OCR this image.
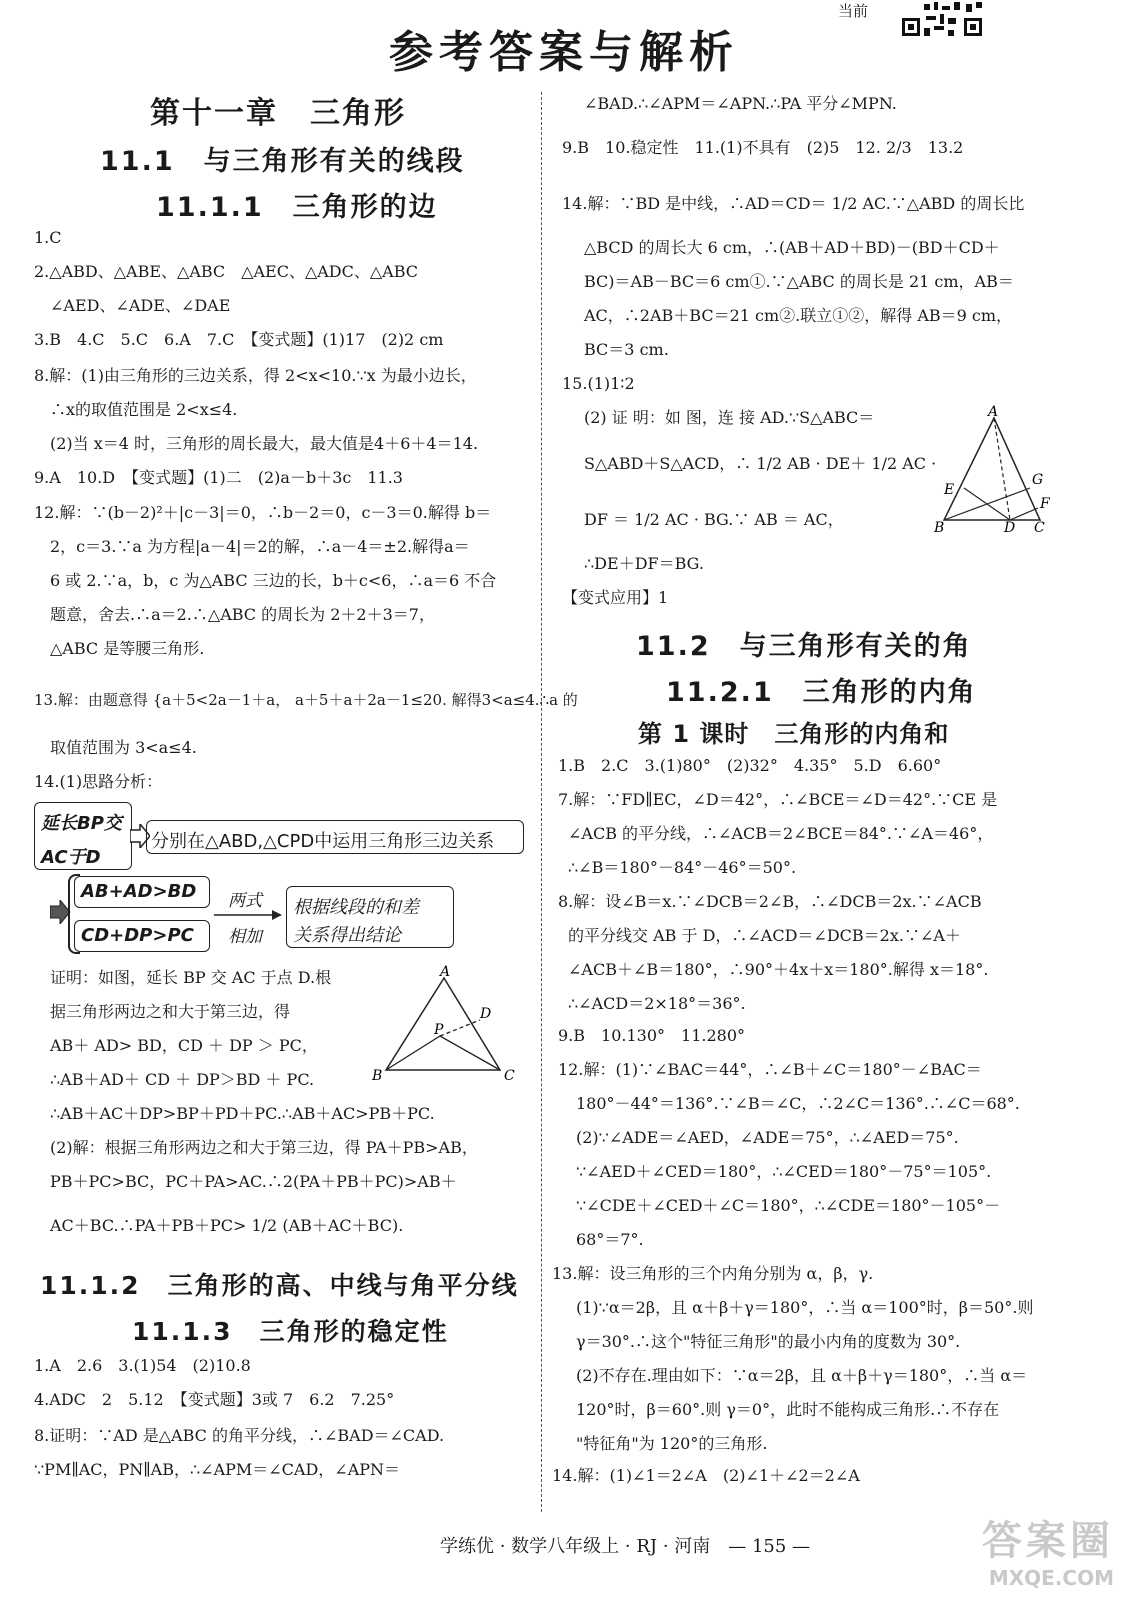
当前
参考答案与解析
第十一章　三角形
11.1　与三角形有关的线段
11.1.1　三角形的边
1.C
2.△ABD、△ABE、△ABC　△AEC、△ADC、△ABC
　∠AED、∠ADE、∠DAE
3.B　4.C　5.C　6.A　7.C　【变式题】(1)17　(2)2 cm
8.解：(1)由三角形的三边关系，得 2<x<10.∵x 为最小边长，
　∴x的取值范围是 2<x≤4.
　(2)当 x＝4 时，三角形的周长最大，最大值是4＋6＋4＝14.
9.A　10.D　【变式题】(1)二　(2)a－b＋3c　11.3
12.解：∵(b－2)²＋|c－3|＝0，∴b－2＝0，c－3＝0.解得 b＝
　2，c＝3.∵a 为方程|a－4|＝2的解，∴a－4＝±2.解得a＝
　6 或 2.∵a，b，c 为△ABC 三边的长，b＋c<6，∴a＝6 不合
　题意，舍去.∴a＝2.∴△ABC 的周长为 2＋2＋3＝7，
　△ABC 是等腰三角形.
13.解：由题意得 {a＋5<2a－1＋a， a＋5＋a＋2a－1≤20. 解得3<a≤4.∴a 的
　取值范围为 3<a≤4.
14.(1)思路分析：
延长BP交
AC于D
分别在△ABD,△CPD中运用三角形三边关系
AB+AD>BD
CD+DP>PC
两式
相加
根据线段的和差
关系得出结论
证明：如图，延长 BP 交 AC 于点 D.根
据三角形两边之和大于第三边，得
AB＋ AD> BD，CD ＋ DP ＞ PC，
∴AB＋AD＋ CD ＋ DP＞BD ＋ PC.
∴AB＋AC＋DP>BP＋PD＋PC.∴AB＋AC>PB＋PC.
(2)解：根据三角形两边之和大于第三边，得 PA＋PB>AB，
PB＋PC>BC，PC＋PA>AC.∴2(PA＋PB＋PC)>AB＋
AC＋BC.∴PA＋PB＋PC> 1/2 (AB＋AC＋BC).
A
B	C
D
P
11.1.2　三角形的高、中线与角平分线
11.1.3　三角形的稳定性
1.A　2.6　3.(1)54　(2)10.8
4.ADC　2　5.12　【变式题】3或 7　6.2　7.25°
8.证明：∵AD 是△ABC 的角平分线，∴∠BAD＝∠CAD.
∵PM∥AC，PN∥AB，∴∠APM＝∠CAD，∠APN＝
∠BAD.∴∠APM＝∠APN.∴PA 平分∠MPN.
9.B　10.稳定性　11.(1)不具有　(2)5　12. 2/3　13.2
14.解：∵BD 是中线，∴AD＝CD＝ 1/2 AC.∵△ABD 的周长比
△BCD 的周长大 6 cm，∴(AB＋AD＋BD)－(BD＋CD＋
BC)＝AB－BC＝6 cm①.∵△ABC 的周长是 21 cm，AB＝
AC，∴2AB＋BC＝21 cm②.联立①②，解得 AB＝9 cm，
BC＝3 cm.
15.(1)1∶2
(2) 证 明：如 图，连 接 AD.∵S△ABC＝
S△ABD＋S△ACD，∴ 1/2 AB · DE＋ 1/2 AC ·
DF ＝ 1/2 AC · BG.∵ AB ＝ AC，
∴DE＋DF＝BG.
【变式应用】1
A
B	C
D
E
F
G
11.2　与三角形有关的角
11.2.1　三角形的内角
第 1 课时　三角形的内角和
1.B　2.C　3.(1)80°　(2)32°　4.35°　5.D　6.60°
7.解：∵FD∥EC，∠D＝42°，∴∠BCE＝∠D＝42°.∵CE 是
∠ACB 的平分线，∴∠ACB＝2∠BCE＝84°.∵∠A＝46°，
∴∠B＝180°－84°－46°＝50°.
8.解：设∠B＝x.∵∠DCB＝2∠B，∴∠DCB＝2x.∵∠ACB
的平分线交 AB 于 D，∴∠ACD＝∠DCB＝2x.∵∠A＋
∠ACB＋∠B＝180°，∴90°＋4x＋x＝180°.解得 x＝18°.
∴∠ACD＝2×18°＝36°.
9.B　10.130°　11.280°
12.解：(1)∵∠BAC＝44°，∴∠B＋∠C＝180°－∠BAC＝
180°－44°＝136°.∵∠B＝∠C，∴2∠C＝136°.∴∠C＝68°.
(2)∵∠ADE＝∠AED，∠ADE＝75°，∴∠AED＝75°.
∵∠AED＋∠CED＝180°，∴∠CED＝180°－75°＝105°.
∵∠CDE＋∠CED＋∠C＝180°，∴∠CDE＝180°－105°－
68°＝7°.
13.解：设三角形的三个内角分别为 α，β，γ.
(1)∵α＝2β，且 α＋β＋γ＝180°，∴当 α＝100°时，β＝50°.则
γ＝30°.∴这个"特征三角形"的最小内角的度数为 30°.
(2)不存在.理由如下：∵α＝2β，且 α＋β＋γ＝180°，∴当 α＝
120°时，β＝60°.则 γ＝0°，此时不能构成三角形.∴不存在
"特征角"为 120°的三角形.
14.解：(1)∠1＝2∠A　(2)∠1＋∠2＝2∠A
学练优 · 数学八年级上 · RJ · 河南　— 155 —	答案圈
MXQE.COM
